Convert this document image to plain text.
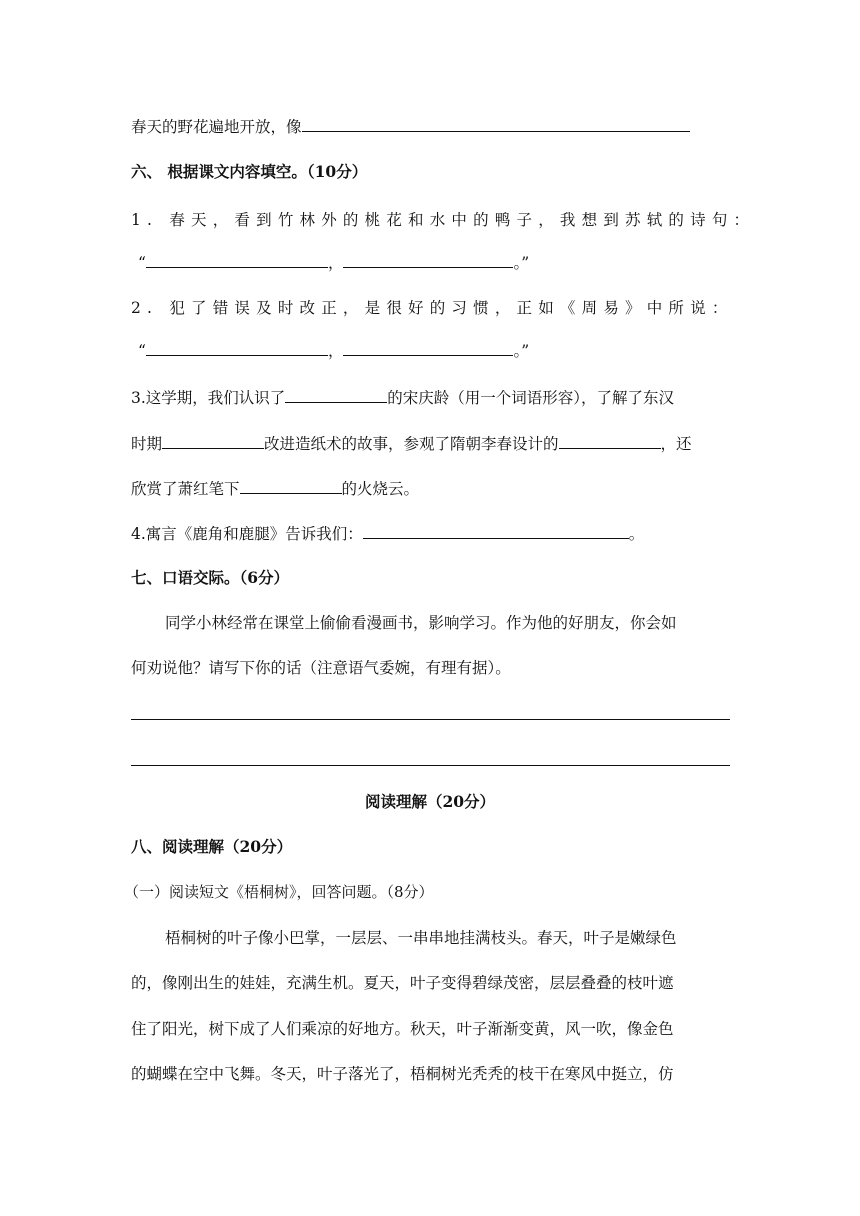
春天的野花遍地开放，像
六、 根据课文内容填空。（10分）
1. 春天，看到竹林外的桃花和水中的鸭子，我想到苏轼的诗句：
“	，	。”
2. 犯了错误及时改正，是很好的习惯，正如《周易》中所说：
“	，	。”
3.这学期，我们认识了	的宋庆龄（用一个词语形容），了解了东汉
时期	改进造纸术的故事，参观了隋朝李春设计的	，还
欣赏了萧红笔下	的火烧云。
4.寓言《鹿角和鹿腿》告诉我们：	。
七、口语交际。（6分）
同学小林经常在课堂上偷偷看漫画书，影响学习。作为他的好朋友，你会如
何劝说他？请写下你的话（注意语气委婉，有理有据）。
阅读理解（20分）
八、阅读理解（20分）
（一）阅读短文《梧桐树》，回答问题。（8分）
梧桐树的叶子像小巴掌，一层层、一串串地挂满枝头。春天，叶子是嫩绿色
的，像刚出生的娃娃，充满生机。夏天，叶子变得碧绿茂密，层层叠叠的枝叶遮
住了阳光，树下成了人们乘凉的好地方。秋天，叶子渐渐变黄，风一吹，像金色
的蝴蝶在空中飞舞。冬天，叶子落光了，梧桐树光秃秃的枝干在寒风中挺立，仿
